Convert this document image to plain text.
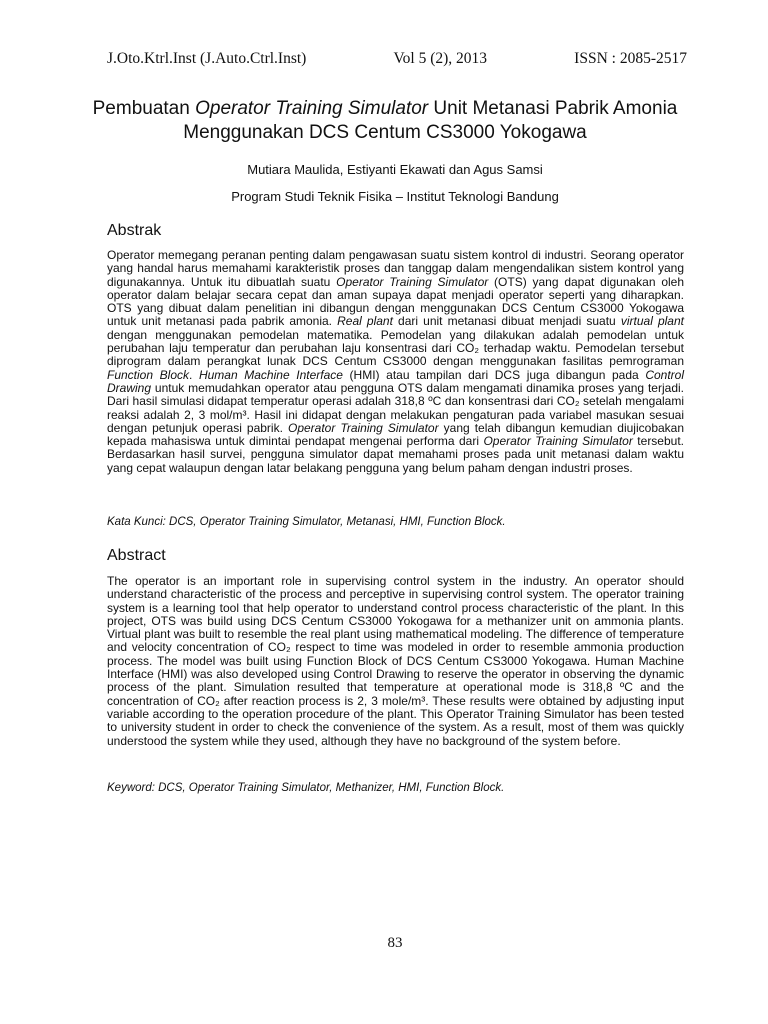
J.Oto.Ktrl.Inst (J.Auto.Ctrl.Inst)	Vol 5 (2), 2013	ISSN : 2085-2517
Pembuatan Operator Training Simulator Unit Metanasi Pabrik Amonia Menggunakan DCS Centum CS3000 Yokogawa
Mutiara Maulida, Estiyanti Ekawati dan Agus Samsi
Program Studi Teknik Fisika – Institut Teknologi Bandung
Abstrak
Operator memegang peranan penting dalam pengawasan suatu sistem kontrol di industri. Seorang operator yang handal harus memahami karakteristik proses dan tanggap dalam mengendalikan sistem kontrol yang digunakannya. Untuk itu dibuatlah suatu Operator Training Simulator (OTS) yang dapat digunakan oleh operator dalam belajar secara cepat dan aman supaya dapat menjadi operator seperti yang diharapkan. OTS yang dibuat dalam penelitian ini dibangun dengan menggunakan DCS Centum CS3000 Yokogawa untuk unit metanasi pada pabrik amonia. Real plant dari unit metanasi dibuat menjadi suatu virtual plant dengan menggunakan pemodelan matematika. Pemodelan yang dilakukan adalah pemodelan untuk perubahan laju temperatur dan perubahan laju konsentrasi dari CO₂ terhadap waktu. Pemodelan tersebut diprogram dalam perangkat lunak DCS Centum CS3000 dengan menggunakan fasilitas pemrograman Function Block. Human Machine Interface (HMI) atau tampilan dari DCS juga dibangun pada Control Drawing untuk memudahkan operator atau pengguna OTS dalam mengamati dinamika proses yang terjadi. Dari hasil simulasi didapat temperatur operasi adalah 318,8 ºC dan konsentrasi dari CO₂ setelah mengalami reaksi adalah 2, 3 mol/m³. Hasil ini didapat dengan melakukan pengaturan pada variabel masukan sesuai dengan petunjuk operasi pabrik. Operator Training Simulator yang telah dibangun kemudian diujicobakan kepada mahasiswa untuk dimintai pendapat mengenai performa dari Operator Training Simulator tersebut. Berdasarkan hasil survei, pengguna simulator dapat memahami proses pada unit metanasi dalam waktu yang cepat walaupun dengan latar belakang pengguna yang belum paham dengan industri proses.
Kata Kunci: DCS, Operator Training Simulator, Metanasi, HMI, Function Block.
Abstract
The operator is an important role in supervising control system in the industry. An operator should understand characteristic of the process and perceptive in supervising control system. The operator training system is a learning tool that help operator to understand control process characteristic of the plant. In this project, OTS was build using DCS Centum CS3000 Yokogawa for a methanizer unit on ammonia plants. Virtual plant was built to resemble the real plant using mathematical modeling. The difference of temperature and velocity concentration of CO₂ respect to time was modeled in order to resemble ammonia production process. The model was built using Function Block of DCS Centum CS3000 Yokogawa. Human Machine Interface (HMI) was also developed using Control Drawing to reserve the operator in observing the dynamic process of the plant. Simulation resulted that temperature at operational mode is 318,8 ºC and the concentration of CO₂ after reaction process is 2, 3 mole/m³. These results were obtained by adjusting input variable according to the operation procedure of the plant. This Operator Training Simulator has been tested to university student in order to check the convenience of the system. As a result, most of them was quickly understood the system while they used, although they have no background of the system before.
Keyword: DCS, Operator Training Simulator, Methanizer, HMI, Function Block.
83
